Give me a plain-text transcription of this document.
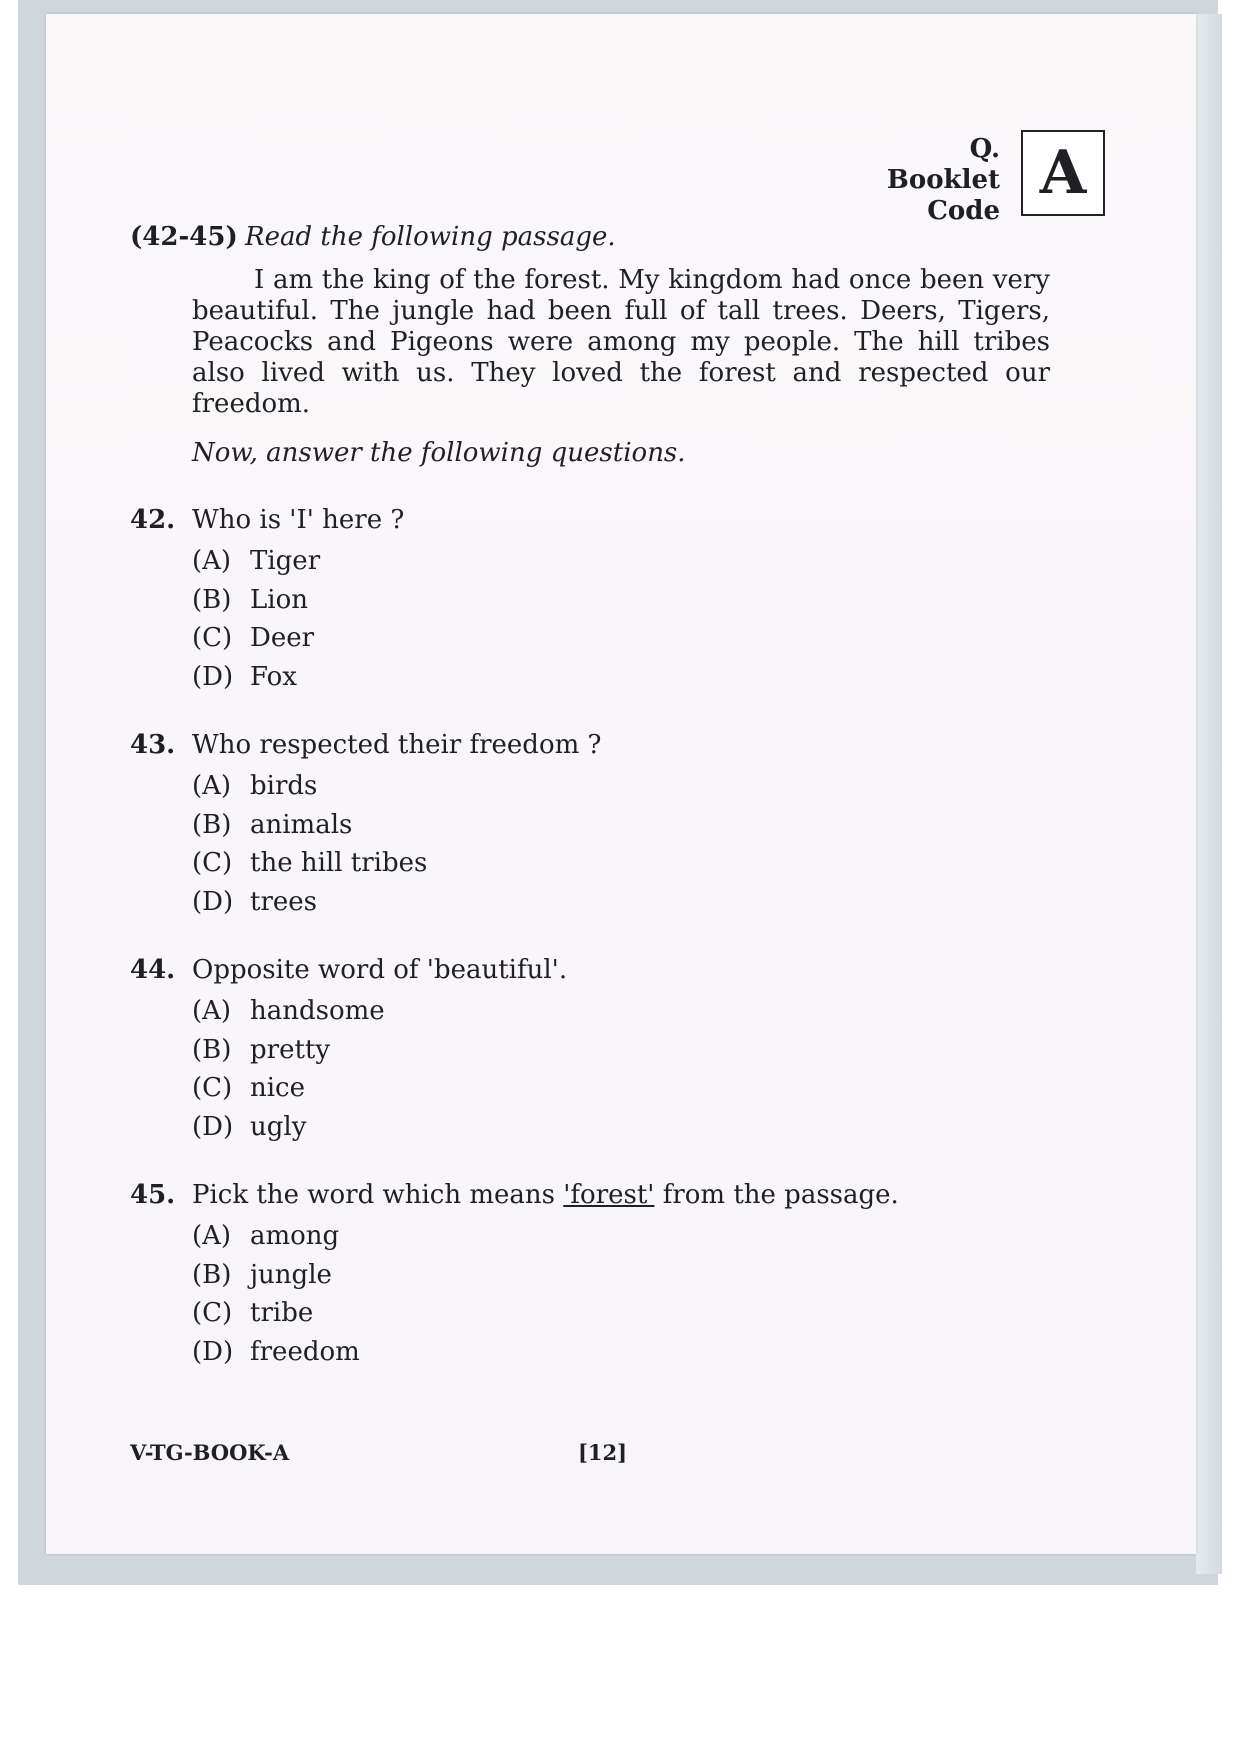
Q. Booklet
Code
A
(42-45) Read the following passage.
I am the king of the forest. My kingdom had once been very beautiful. The jungle had been full of tall trees. Deers, Tigers, Peacocks and Pigeons were among my people. The hill tribes also lived with us. They loved the forest and respected our freedom.
Now, answer the following questions.
42. Who is 'I' here ?
(A) Tiger
(B) Lion
(C) Deer
(D) Fox
43. Who respected their freedom ?
(A) birds
(B) animals
(C) the hill tribes
(D) trees
44. Opposite word of 'beautiful'.
(A) handsome
(B) pretty
(C) nice
(D) ugly
45. Pick the word which means 'forest' from the passage.
(A) among
(B) jungle
(C) tribe
(D) freedom
V-TG-BOOK-A	[12]
